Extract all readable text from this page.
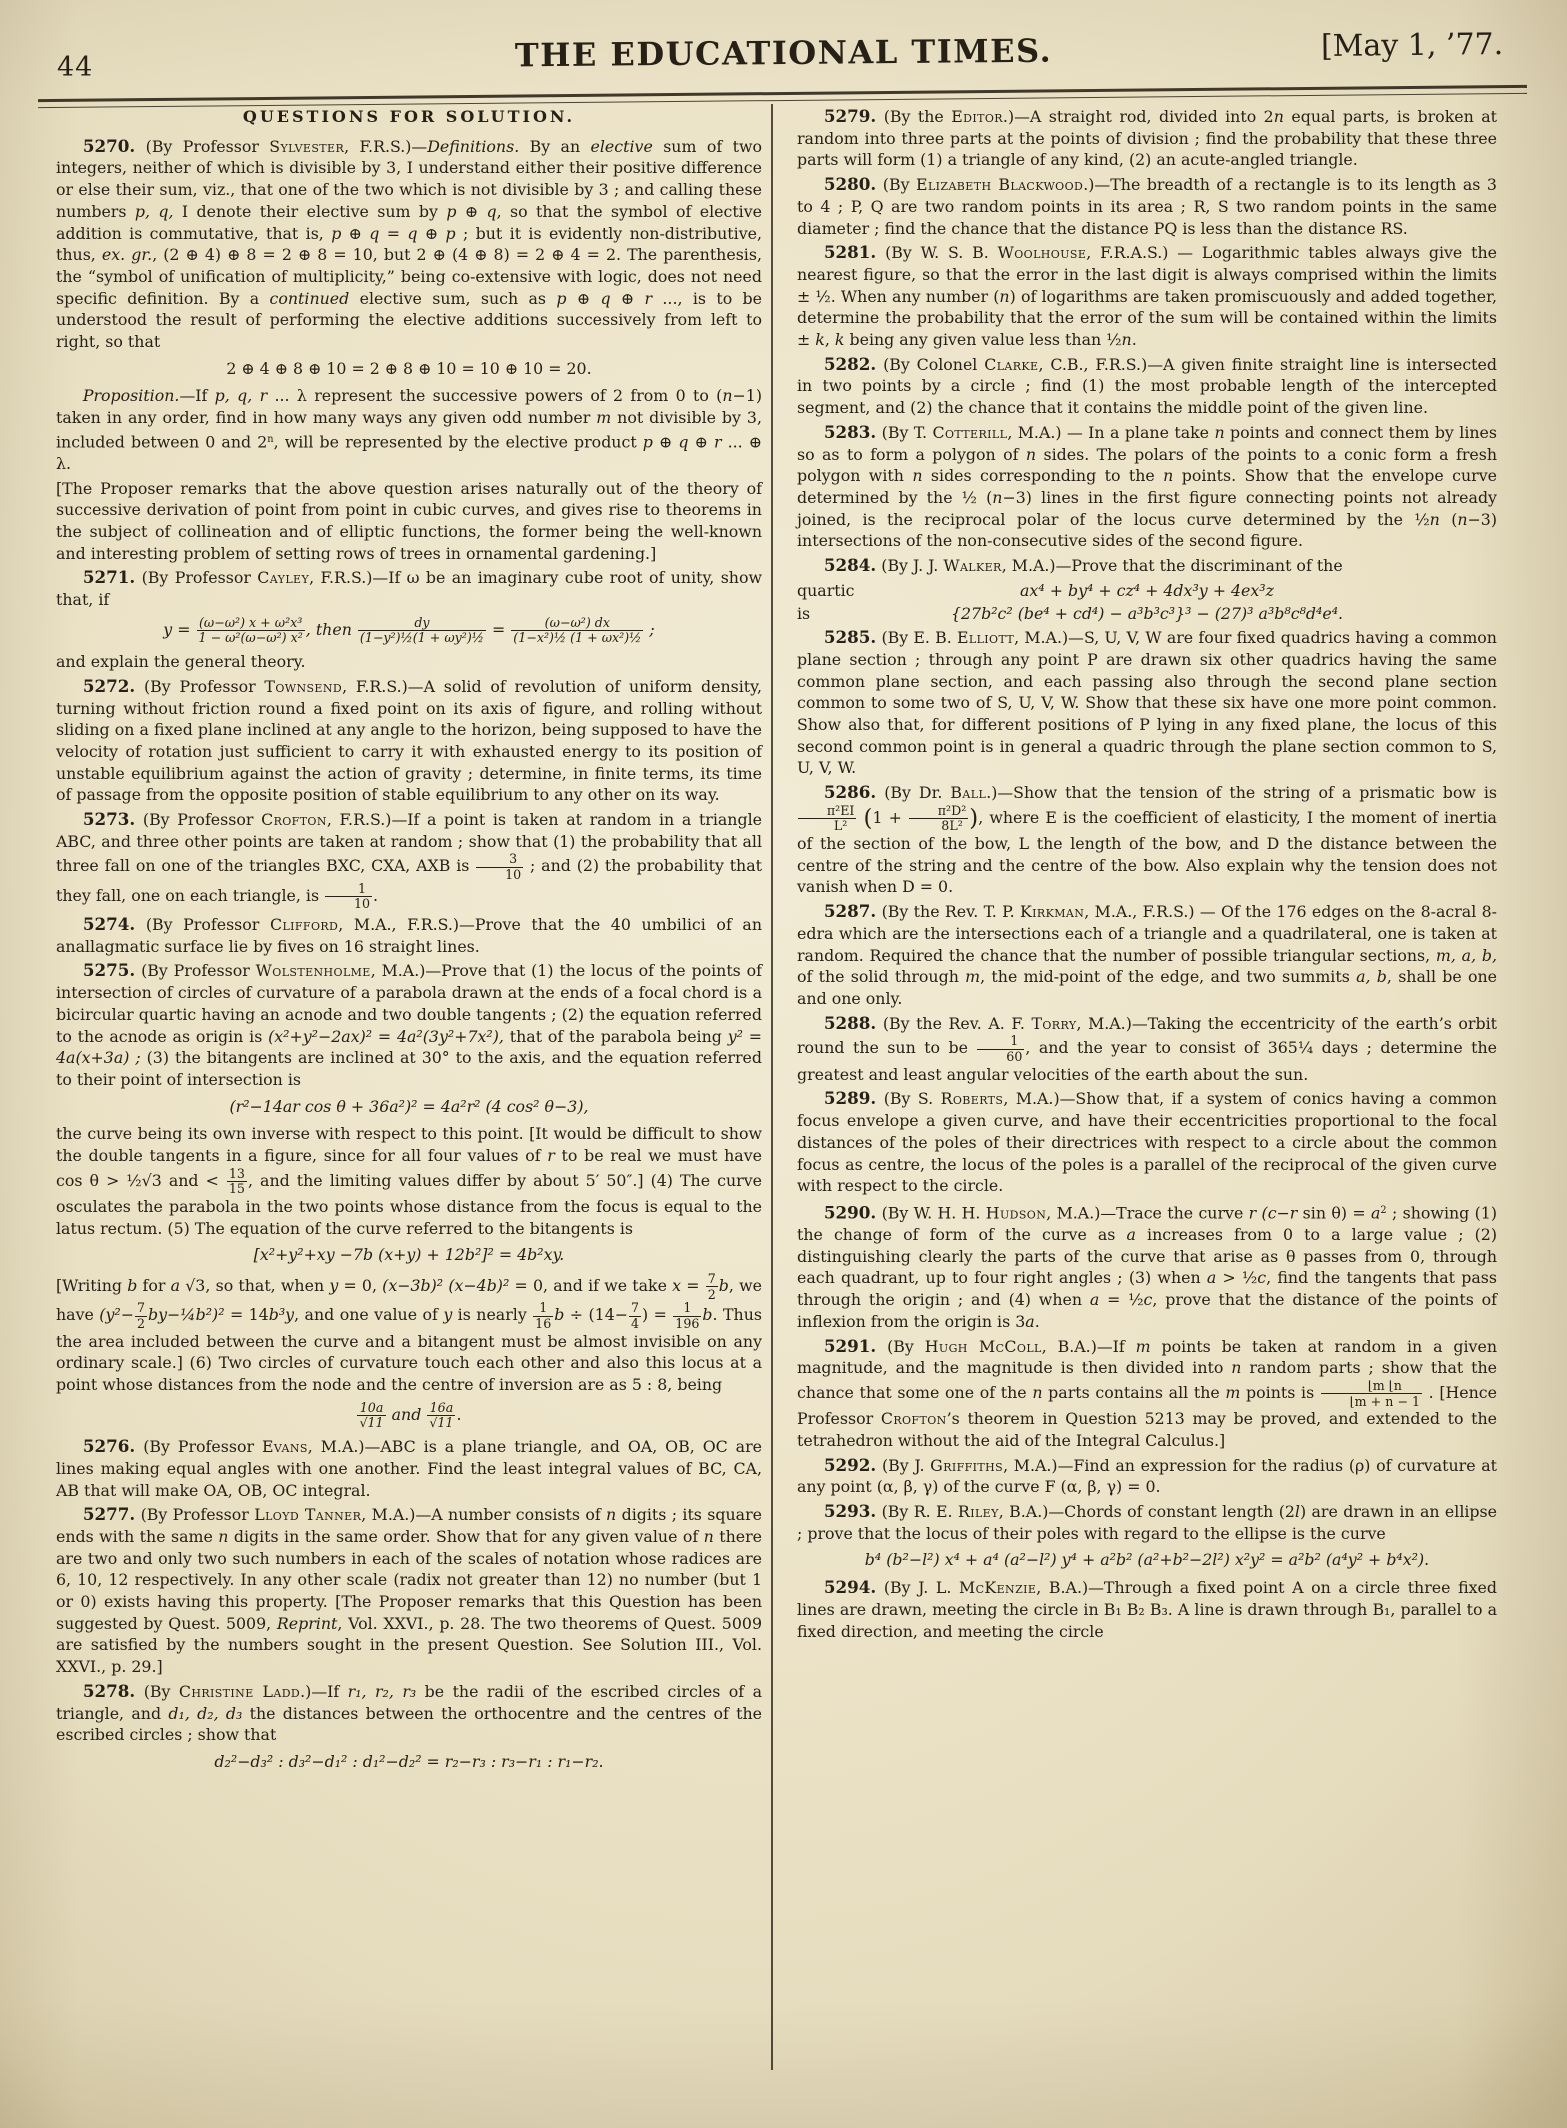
44	THE EDUCATIONAL TIMES.	[May 1, ’77.
QUESTIONS FOR SOLUTION.
5270. (By Professor Sylvester, F.R.S.)—Definitions. By an elective sum of two integers, neither of which is divisible by 3, I understand either their positive difference or else their sum, viz., that one of the two which is not divisible by 3 ; and calling these numbers p, q, I denote their elective sum by p ⊕ q, so that the symbol of elective addition is commutative, that is, p ⊕ q = q ⊕ p ; but it is evidently non-distributive, thus, ex. gr., (2 ⊕ 4) ⊕ 8 = 2 ⊕ 8 = 10, but 2 ⊕ (4 ⊕ 8) = 2 ⊕ 4 = 2. The parenthesis, the “symbol of unification of multiplicity,” being co-extensive with logic, does not need specific definition. By a continued elective sum, such as p ⊕ q ⊕ r ..., is to be understood the result of performing the elective additions successively from left to right, so that
2 ⊕ 4 ⊕ 8 ⊕ 10 = 2 ⊕ 8 ⊕ 10 = 10 ⊕ 10 = 20.
Proposition.—If p, q, r ... λ represent the successive powers of 2 from 0 to (n−1) taken in any order, find in how many ways any given odd number m not divisible by 3, included between 0 and 2$^n$, will be represented by the elective product p ⊕ q ⊕ r ... ⊕ λ.
[The Proposer remarks that the above question arises naturally out of the theory of successive derivation of point from point in cubic curves, and gives rise to theorems in the subject of collineation and of elliptic functions, the former being the well-known and interesting problem of setting rows of trees in ornamental gardening.]
5271. (By Professor Cayley, F.R.S.)—If ω be an imaginary cube root of unity, show that, if
$y = \frac{\text{(ω−ω²) x + ω²x³}}{\text{1 − ω²(ω−ω²) x²}}$ , then $\frac{dy}{\text{(1−y²)½(1 + ωy²)½}} = \frac{\text{(ω−ω²) dx}}{\text{(1−x²)½ (1 + ωx²)½}}$ ;
and explain the general theory.
5272. (By Professor Townsend, F.R.S.)—A solid of revolution of uniform density, turning without friction round a fixed point on its axis of figure, and rolling without sliding on a fixed plane inclined at any angle to the horizon, being supposed to have the velocity of rotation just sufficient to carry it with exhausted energy to its position of unstable equilibrium against the action of gravity ; determine, in finite terms, its time of passage from the opposite position of stable equilibrium to any other on its way.
5273. (By Professor Crofton, F.R.S.)—If a point is taken at random in a triangle ABC, and three other points are taken at random ; show that (1) the probability that all three fall on one of the triangles BXC, CXA, AXB is $\frac{3}{10}$ ; and (2) the probability that they fall, one on each triangle, is $\frac{1}{10}$ .
5274. (By Professor Clifford, M.A., F.R.S.)—Prove that the 40 umbilici of an anallagmatic surface lie by fives on 16 straight lines.
5275. (By Professor Wolstenholme, M.A.)—Prove that (1) the locus of the points of intersection of circles of curvature of a parabola drawn at the ends of a focal chord is a bicircular quartic having an acnode and two double tangents ; (2) the equation referred to the acnode as origin is (x²+y²−2ax)² = 4a²(3y²+7x²), that of the parabola being y² = 4a(x+3a) ; (3) the bitangents are inclined at 30° to the axis, and the equation referred to their point of intersection is
(r²−14ar cos θ + 36a²)² = 4a²r² (4 cos² θ−3),
the curve being its own inverse with respect to this point. [It would be difficult to show the double tangents in a figure, since for all four values of r to be real we must have cos θ > ½√3 and < $\frac{13}{15}$ , and the limiting values differ by about 5′ 50″.] (4) The curve osculates the parabola in the two points whose distance from the focus is equal to the latus rectum. (5) The equation of the curve referred to the bitangents is
[x²+y²+xy −7b (x+y) + 12b²]² = 4b²xy.
[Writing b for a √3, so that, when y = 0, (x−3b)² (x−4b)² = 0, and if we take $x = \frac{7}{2} b$, we have ($y^2- \frac{7}{2}$ by−¼b²)² = 14b³y, and one value of y is nearly $\frac{1}{16}$ $b \div (14- \frac{7}{4}$ ) = $\frac{1}{196} b$. Thus the area included between the curve and a bitangent must be almost invisible on any ordinary scale.] (6) Two circles of curvature touch each other and also this locus at a point whose distances from the node and the centre of inversion are as 5 : 8, being
$\frac{10a}{√11}$ and $\frac{16a}{√11}$ .
5276. (By Professor Evans, M.A.)—ABC is a plane triangle, and OA, OB, OC are lines making equal angles with one another. Find the least integral values of BC, CA, AB that will make OA, OB, OC integral.
5277. (By Professor Lloyd Tanner, M.A.)—A number consists of n digits ; its square ends with the same n digits in the same order. Show that for any given value of n there are two and only two such numbers in each of the scales of notation whose radices are 6, 10, 12 respectively. In any other scale (radix not greater than 12) no number (but 1 or 0) exists having this property. [The Proposer remarks that this Question has been suggested by Quest. 5009, Reprint, Vol. XXVI., p. 28. The two theorems of Quest. 5009 are satisfied by the numbers sought in the present Question. See Solution III., Vol. XXVI., p. 29.]
5278. (By Christine Ladd.)—If r₁, r₂, r₃ be the radii of the escribed circles of a triangle, and d₁, d₂, d₃ the distances between the orthocentre and the centres of the escribed circles ; show that
d₂²−d₃² : d₃²−d₁² : d₁²−d₂² = r₂−r₃ : r₃−r₁ : r₁−r₂.
5279. (By the Editor.)—A straight rod, divided into 2n equal parts, is broken at random into three parts at the points of division ; find the probability that these three parts will form (1) a triangle of any kind, (2) an acute-angled triangle.
5280. (By Elizabeth Blackwood.)—The breadth of a rectangle is to its length as 3 to 4 ; P, Q are two random points in its area ; R, S two random points in the same diameter ; find the chance that the distance PQ is less than the distance RS.
5281. (By W. S. B. Woolhouse, F.R.A.S.) — Logarithmic tables always give the nearest figure, so that the error in the last digit is always comprised within the limits ± ½. When any number (n) of logarithms are taken promiscuously and added together, determine the probability that the error of the sum will be contained within the limits ± k, k being any given value less than ½n.
5282. (By Colonel Clarke, C.B., F.R.S.)—A given finite straight line is intersected in two points by a circle ; find (1) the most probable length of the intercepted segment, and (2) the chance that it contains the middle point of the given line.
5283. (By T. Cotterill, M.A.) — In a plane take n points and connect them by lines so as to form a polygon of n sides. The polars of the points to a conic form a fresh polygon with n sides corresponding to the n points. Show that the envelope curve determined by the ½ (n−3) lines in the first figure connecting points not already joined, is the reciprocal polar of the locus curve determined by the ½n (n−3) intersections of the non-consecutive sides of the second figure.
5284. (By J. J. Walker, M.A.)—Prove that the discriminant of the
quartic	ax⁴ + by⁴ + cz⁴ + 4dx³y + 4ex³z
is	{27b²c² (be⁴ + cd⁴) − a³b³c³}³ − (27)³ a³b⁸c⁸d⁴e⁴.
5285. (By E. B. Elliott, M.A.)—S, U, V, W are four fixed quadrics having a common plane section ; through any point P are drawn six other quadrics having the same common plane section, and each passing also through the second plane section common to some two of S, U, V, W. Show that these six have one more point common. Show also that, for different positions of P lying in any fixed plane, the locus of this second common point is in general a quadric through the plane section common to S, U, V, W.
5286. (By Dr. Ball.)—Show that the tension of the string of a prismatic bow is
$\frac{\text{π²EI}}{\text{L²}} (1 + \frac{\text{π²D²}}{\text{8L²}}$ ), where E is the coefficient of elasticity, I the moment of inertia of the section of the bow, L the length of the bow, and D the distance between the centre of the string and the centre of the bow. Also explain why the tension does not vanish when D = 0.
5287. (By the Rev. T. P. Kirkman, M.A., F.R.S.) — Of the 176 edges on the 8-acral 8-edra which are the intersections each of a triangle and a quadrilateral, one is taken at random. Required the chance that the number of possible triangular sections, m, a, b, of the solid through m, the mid-point of the edge, and two summits a, b, shall be one and one only.
5288. (By the Rev. A. F. Torry, M.A.)—Taking the eccentricity of the earth’s orbit round the sun to be $\frac{1}{60}$ , and the year to consist of 365¼ days ; determine the greatest and least angular velocities of the earth about the sun.
5289. (By S. Roberts, M.A.)—Show that, if a system of conics having a common focus envelope a given curve, and have their eccentricities proportional to the focal distances of the poles of their directrices with respect to a circle about the common focus as centre, the locus of the poles is a parallel of the reciprocal of the given curve with respect to the circle.
5290. (By W. H. H. Hudson, M.A.)—Trace the curve r (c−r $\sin \theta) = a^2$ ; showing (1) the change of form of the curve as a increases from 0 to a large value ; (2) distinguishing clearly the parts of the curve that arise as θ passes from 0, through each quadrant, up to four right angles ; (3) when a > ½c, find the tangents that pass through the origin ; and (4) when a = ½c, prove that the distance of the points of inflexion from the origin is 3a.
5291. (By Hugh McColl, B.A.)—If m points be taken at random in a given magnitude, and the magnitude is then divided into n random parts ; show that the chance that some one of the n parts contains all the m points is $\frac{⌊m ⌊n}{⌊m + n - 1}$ . [Hence Professor Crofton’s theorem in Question 5213 may be proved, and extended to the tetrahedron without the aid of the Integral Calculus.]
5292. (By J. Griffiths, M.A.)—Find an expression for the radius (ρ) of curvature at any point (α, β, γ) of the curve F (α, β, γ) = 0.
5293. (By R. E. Riley, B.A.)—Chords of constant length (2l) are drawn in an ellipse ; prove that the locus of their poles with regard to the ellipse is the curve
b⁴ (b²−l²) x⁴ + a⁴ (a²−l²) y⁴ + a²b² (a²+b²−2l²) x²y² = a²b² (a⁴y² + b⁴x²).
5294. (By J. L. McKenzie, B.A.)—Through a fixed point A on a circle three fixed lines are drawn, meeting the circle in B₁ B₂ B₃. A line is drawn through B₁, parallel to a fixed direction, and meeting the circle
